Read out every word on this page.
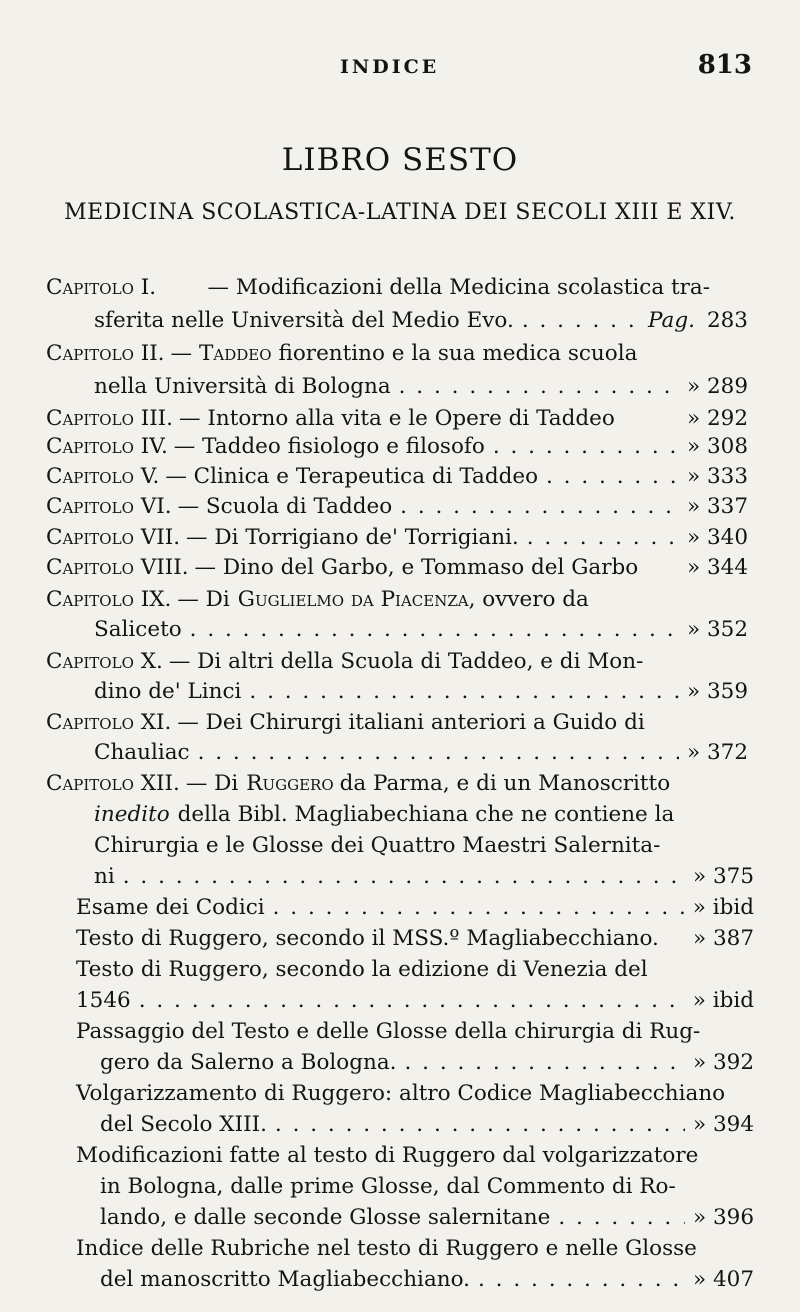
INDICE	813
LIBRO SESTO
MEDICINA SCOLASTICA-LATINA DEI SECOLI XIII E XIV.
Capitolo I. — Modificazioni della Medicina scolastica tra-
sferita nelle Università del Medio Evo. . . .	Pag. 283
Capitolo II. — Taddeo fiorentino e la sua medica scuola
nella Università di Bologna . . .	» 289
Capitolo III. — Intorno alla vita e le Opere di Taddeo	» 292
Capitolo IV. — Taddeo fisiologo e filosofo . . .	» 308
Capitolo V. — Clinica e Terapeutica di Taddeo . . .	» 333
Capitolo VI. — Scuola di Taddeo . . .	» 337
Capitolo VII. — Di Torrigiano de' Torrigiani. . . .	» 340
Capitolo VIII. — Dino del Garbo, e Tommaso del Garbo » 344
Capitolo IX. — Di Guglielmo da Piacenza , ovvero da
Saliceto . . .	» 352
Capitolo X. — Di altri della Scuola di Taddeo, e di Mon-
dino de' Linci . . .	» 359
Capitolo XI. — Dei Chirurgi italiani anteriori a Guido di
Chauliac . . .	» 372
Capitolo XII. — Di Ruggero da Parma, e di un Manoscritto
inedito della Bibl. Magliabechiana che ne contiene la
Chirurgia e le Glosse dei Quattro Maestri Salernita-
ni . . .	» 375
Esame dei Codici . . .	» ibid
Testo di Ruggero, secondo il MSS.º Magliabecchiano. » 387
Testo di Ruggero, secondo la edizione di Venezia del
1546 . . .	» ibid
Passaggio del Testo e delle Glosse della chirurgia di Rug-
gero da Salerno a Bologna. . . .	» 392
Volgarizzamento di Ruggero: altro Codice Magliabecchiano
del Secolo XIII. . . .	» 394
Modificazioni fatte al testo di Ruggero dal volgarizzatore
in Bologna, dalle prime Glosse, dal Commento di Ro-
lando, e dalle seconde Glosse salernitane . . .	» 396
Indice delle Rubriche nel testo di Ruggero e nelle Glosse
del manoscritto Magliabecchiano. . . .	» 407
